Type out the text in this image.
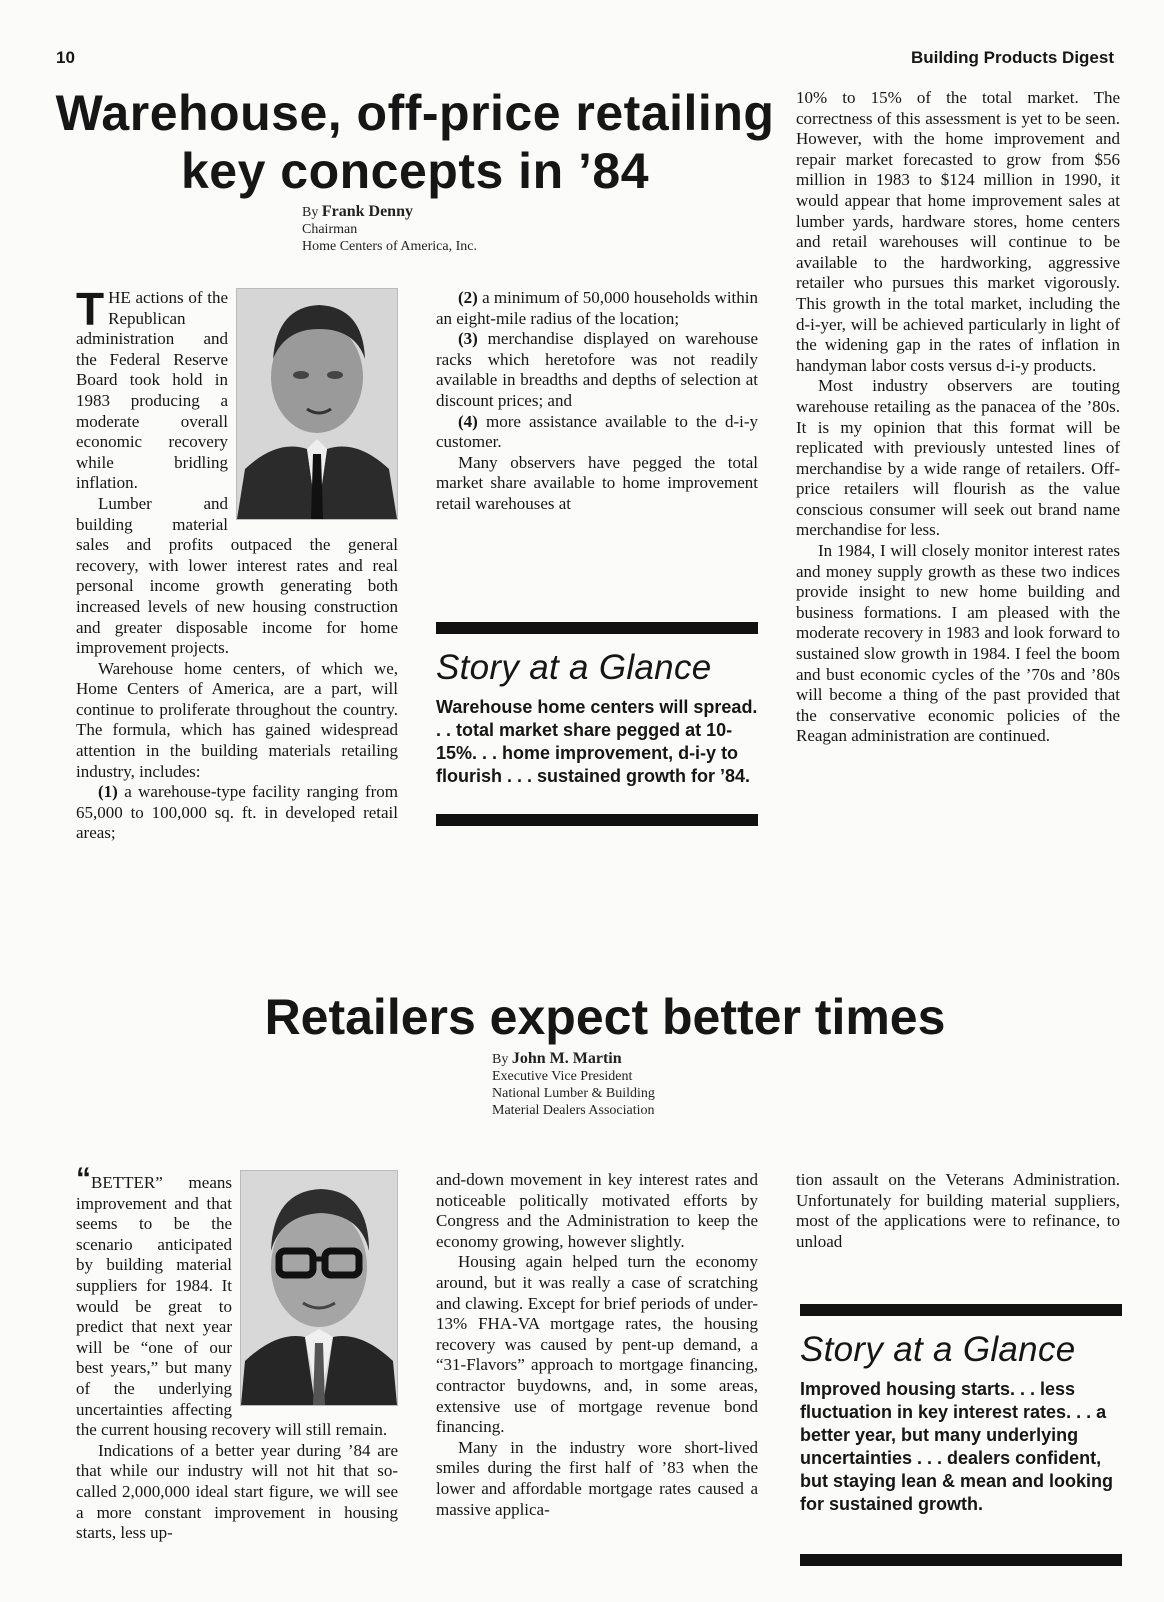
10	Building Products Digest
Warehouse, off-price retailing key concepts in ’84
By Frank Denny
Chairman
Home Centers of America, Inc.

THE actions of the Republican administration and the Federal Reserve Board took hold in 1983 producing a moderate overall economic recovery while bridling inflation.

Lumber and building material sales and profits outpaced the general recovery, with lower interest rates and real personal income growth generating both increased levels of new housing construction and greater disposable income for home improvement projects.

Warehouse home centers, of which we, Home Centers of America, are a part, will continue to proliferate throughout the country. The formula, which has gained widespread attention in the building materials retailing industry, includes:

(1) a warehouse-type facility ranging from 65,000 to 100,000 sq. ft. in developed retail areas;

(2) a minimum of 50,000 households within an eight-mile radius of the location;

(3) merchandise displayed on warehouse racks which heretofore was not readily available in breadths and depths of selection at discount prices; and

(4) more assistance available to the d-i-y customer.

Many observers have pegged the total market share available to home improvement retail warehouses at

Story at a Glance
Warehouse home centers will spread. . . total market share pegged at 10-15%. . . home improvement, d-i-y to flourish . . . sustained growth for ’84.

10% to 15% of the total market. The correctness of this assessment is yet to be seen. However, with the home improvement and repair market forecasted to grow from $56 million in 1983 to $124 million in 1990, it would appear that home improvement sales at lumber yards, hardware stores, home centers and retail warehouses will continue to be available to the hardworking, aggressive retailer who pursues this market vigorously. This growth in the total market, including the d-i-yer, will be achieved particularly in light of the widening gap in the rates of inflation in handyman labor costs versus d-i-y products.

Most industry observers are touting warehouse retailing as the panacea of the ’80s. It is my opinion that this format will be replicated with previously untested lines of merchandise by a wide range of retailers. Off-price retailers will flourish as the value conscious consumer will seek out brand name merchandise for less.

In 1984, I will closely monitor interest rates and money supply growth as these two indices provide insight to new home building and business formations. I am pleased with the moderate recovery in 1983 and look forward to sustained slow growth in 1984. I feel the boom and bust economic cycles of the ’70s and ’80s will become a thing of the past provided that the conservative economic policies of the Reagan administration are continued.

Retailers expect better times
By John M. Martin
Executive Vice President
National Lumber & Building
Material Dealers Association

“BETTER” means improvement and that seems to be the scenario anticipated by building material suppliers for 1984. It would be great to predict that next year will be “one of our best years,” but many of the underlying uncertainties affecting the current housing recovery will still remain.

Indications of a better year during ’84 are that while our industry will not hit that so-called 2,000,000 ideal start figure, we will see a more constant improvement in housing starts, less up-

and-down movement in key interest rates and noticeable politically motivated efforts by Congress and the Administration to keep the economy growing, however slightly.

Housing again helped turn the economy around, but it was really a case of scratching and clawing. Except for brief periods of under-13% FHA-VA mortgage rates, the housing recovery was caused by pent-up demand, a “31-Flavors” approach to mortgage financing, contractor buydowns, and, in some areas, extensive use of mortgage revenue bond financing.

Many in the industry wore short-lived smiles during the first half of ’83 when the lower and affordable mortgage rates caused a massive applica-

tion assault on the Veterans Administration. Unfortunately for building material suppliers, most of the applications were to refinance, to unload

Story at a Glance
Improved housing starts. . . less fluctuation in key interest rates. . . a better year, but many underlying uncertainties . . . dealers confident, but staying lean & mean and looking for sustained growth.
